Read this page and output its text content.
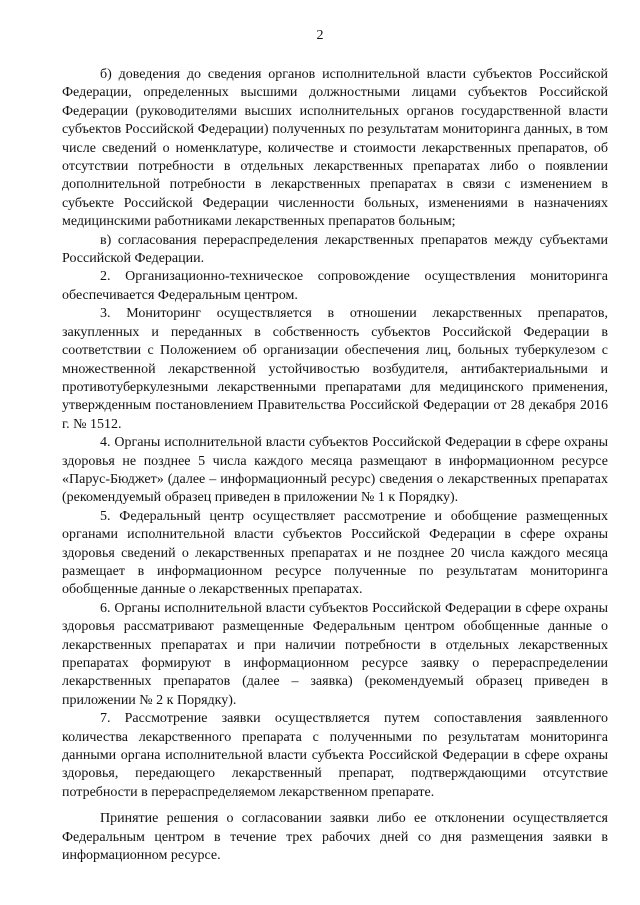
2

б) доведения до сведения органов исполнительной власти субъектов Российской Федерации, определенных высшими должностными лицами субъектов Российской Федерации (руководителями высших исполнительных органов государственной власти субъектов Российской Федерации) полученных по результатам мониторинга данных, в том числе сведений о номенклатуре, количестве и стоимости лекарственных препаратов, об отсутствии потребности в отдельных лекарственных препаратах либо о появлении дополнительной потребности в лекарственных препаратах в связи с изменением в субъекте Российской Федерации численности больных, изменениями в назначениях медицинскими работниками лекарственных препаратов больным;

в) согласования перераспределения лекарственных препаратов между субъектами Российской Федерации.

2. Организационно-техническое сопровождение осуществления мониторинга обеспечивается Федеральным центром.

3. Мониторинг осуществляется в отношении лекарственных препаратов, закупленных и переданных в собственность субъектов Российской Федерации в соответствии с Положением об организации обеспечения лиц, больных туберкулезом с множественной лекарственной устойчивостью возбудителя, антибактериальными и противотуберкулезными лекарственными препаратами для медицинского применения, утвержденным постановлением Правительства Российской Федерации от 28 декабря 2016 г. № 1512.

4. Органы исполнительной власти субъектов Российской Федерации в сфере охраны здоровья не позднее 5 числа каждого месяца размещают в информационном ресурсе «Парус-Бюджет» (далее – информационный ресурс) сведения о лекарственных препаратах (рекомендуемый образец приведен в приложении № 1 к Порядку).

5. Федеральный центр осуществляет рассмотрение и обобщение размещенных органами исполнительной власти субъектов Российской Федерации в сфере охраны здоровья сведений о лекарственных препаратах и не позднее 20 числа каждого месяца размещает в информационном ресурсе полученные по результатам мониторинга обобщенные данные о лекарственных препаратах.

6. Органы исполнительной власти субъектов Российской Федерации в сфере охраны здоровья рассматривают размещенные Федеральным центром обобщенные данные о лекарственных препаратах и при наличии потребности в отдельных лекарственных препаратах формируют в информационном ресурсе заявку о перераспределении лекарственных препаратов (далее – заявка) (рекомендуемый образец приведен в приложении № 2 к Порядку).

7. Рассмотрение заявки осуществляется путем сопоставления заявленного количества лекарственного препарата с полученными по результатам мониторинга данными органа исполнительной власти субъекта Российской Федерации в сфере охраны здоровья, передающего лекарственный препарат, подтверждающими отсутствие потребности в перераспределяемом лекарственном препарате.

Принятие решения о согласовании заявки либо ее отклонении осуществляется Федеральным центром в течение трех рабочих дней со дня размещения заявки в информационном ресурсе.
